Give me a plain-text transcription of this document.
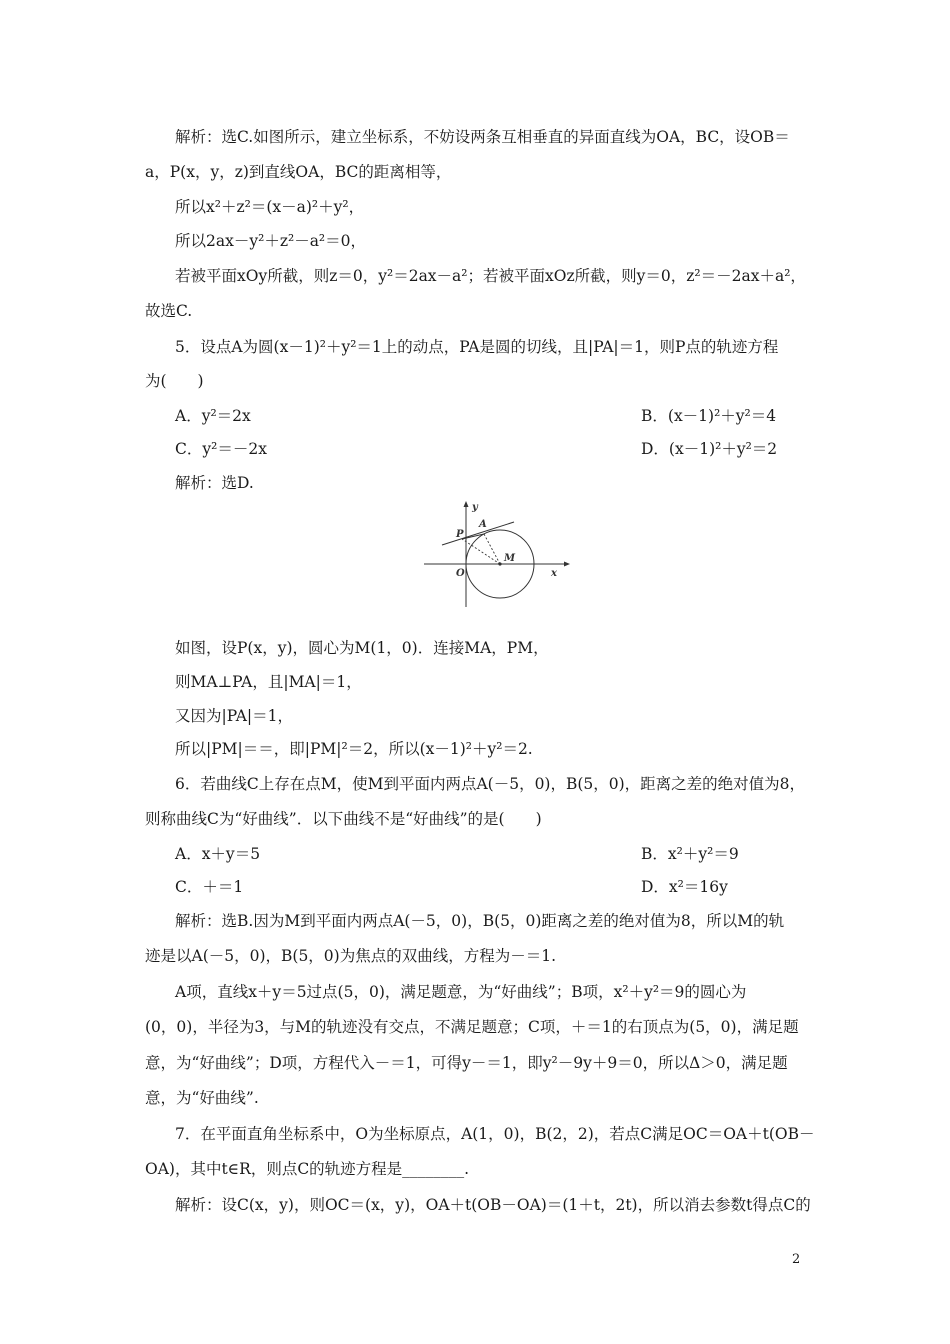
解析：选C.如图所示，建立坐标系，不妨设两条互相垂直的异面直线为OA，BC，设OB＝
a，P(x，y，z)到直线OA，BC的距离相等，
所以x²＋z²＝(x－a)²＋y²，
所以2ax－y²＋z²－a²＝0，
若被平面xOy所截，则z＝0，y²＝2ax－a²；若被平面xOz所截，则y＝0，z²＝－2ax＋a²，
故选C.
5．设点A为圆(x－1)²＋y²＝1上的动点，PA是圆的切线，且|PA|＝1，则P点的轨迹方程
为(　　)
A．y²＝2x	B．(x－1)²＋y²＝4
C．y²＝－2x	D．(x－1)²＋y²＝2
解析：选D.
y
x
P
A
M
O
如图，设P(x，y)，圆心为M(1，0)．连接MA，PM，
则MA⊥PA，且|MA|＝1，
又因为|PA|＝1，
所以|PM|＝＝，即|PM|²＝2，所以(x－1)²＋y²＝2.
6．若曲线C上存在点M，使M到平面内两点A(－5，0)，B(5，0)，距离之差的绝对值为8，
则称曲线C为“好曲线”．以下曲线不是“好曲线”的是(　　)
A．x＋y＝5	B．x²＋y²＝9
C．＋＝1	D．x²＝16y
解析：选B.因为M到平面内两点A(－5，0)，B(5，0)距离之差的绝对值为8，所以M的轨
迹是以A(－5，0)，B(5，0)为焦点的双曲线，方程为－＝1.
A项，直线x＋y＝5过点(5，0)，满足题意，为“好曲线”；B项，x²＋y²＝9的圆心为
(0，0)，半径为3，与M的轨迹没有交点，不满足题意；C项，＋＝1的右顶点为(5，0)，满足题
意，为“好曲线”；D项，方程代入－＝1，可得y－＝1，即y²－9y＋9＝0，所以Δ＞0，满足题
意，为“好曲线”.
7．在平面直角坐标系中，O为坐标原点，A(1，0)，B(2，2)，若点C满足OC＝OA＋t(OB－
OA)，其中t∈R，则点C的轨迹方程是________.
解析：设C(x，y)，则OC＝(x，y)，OA＋t(OB－OA)＝(1＋t，2t)，所以消去参数t得点C的
2
